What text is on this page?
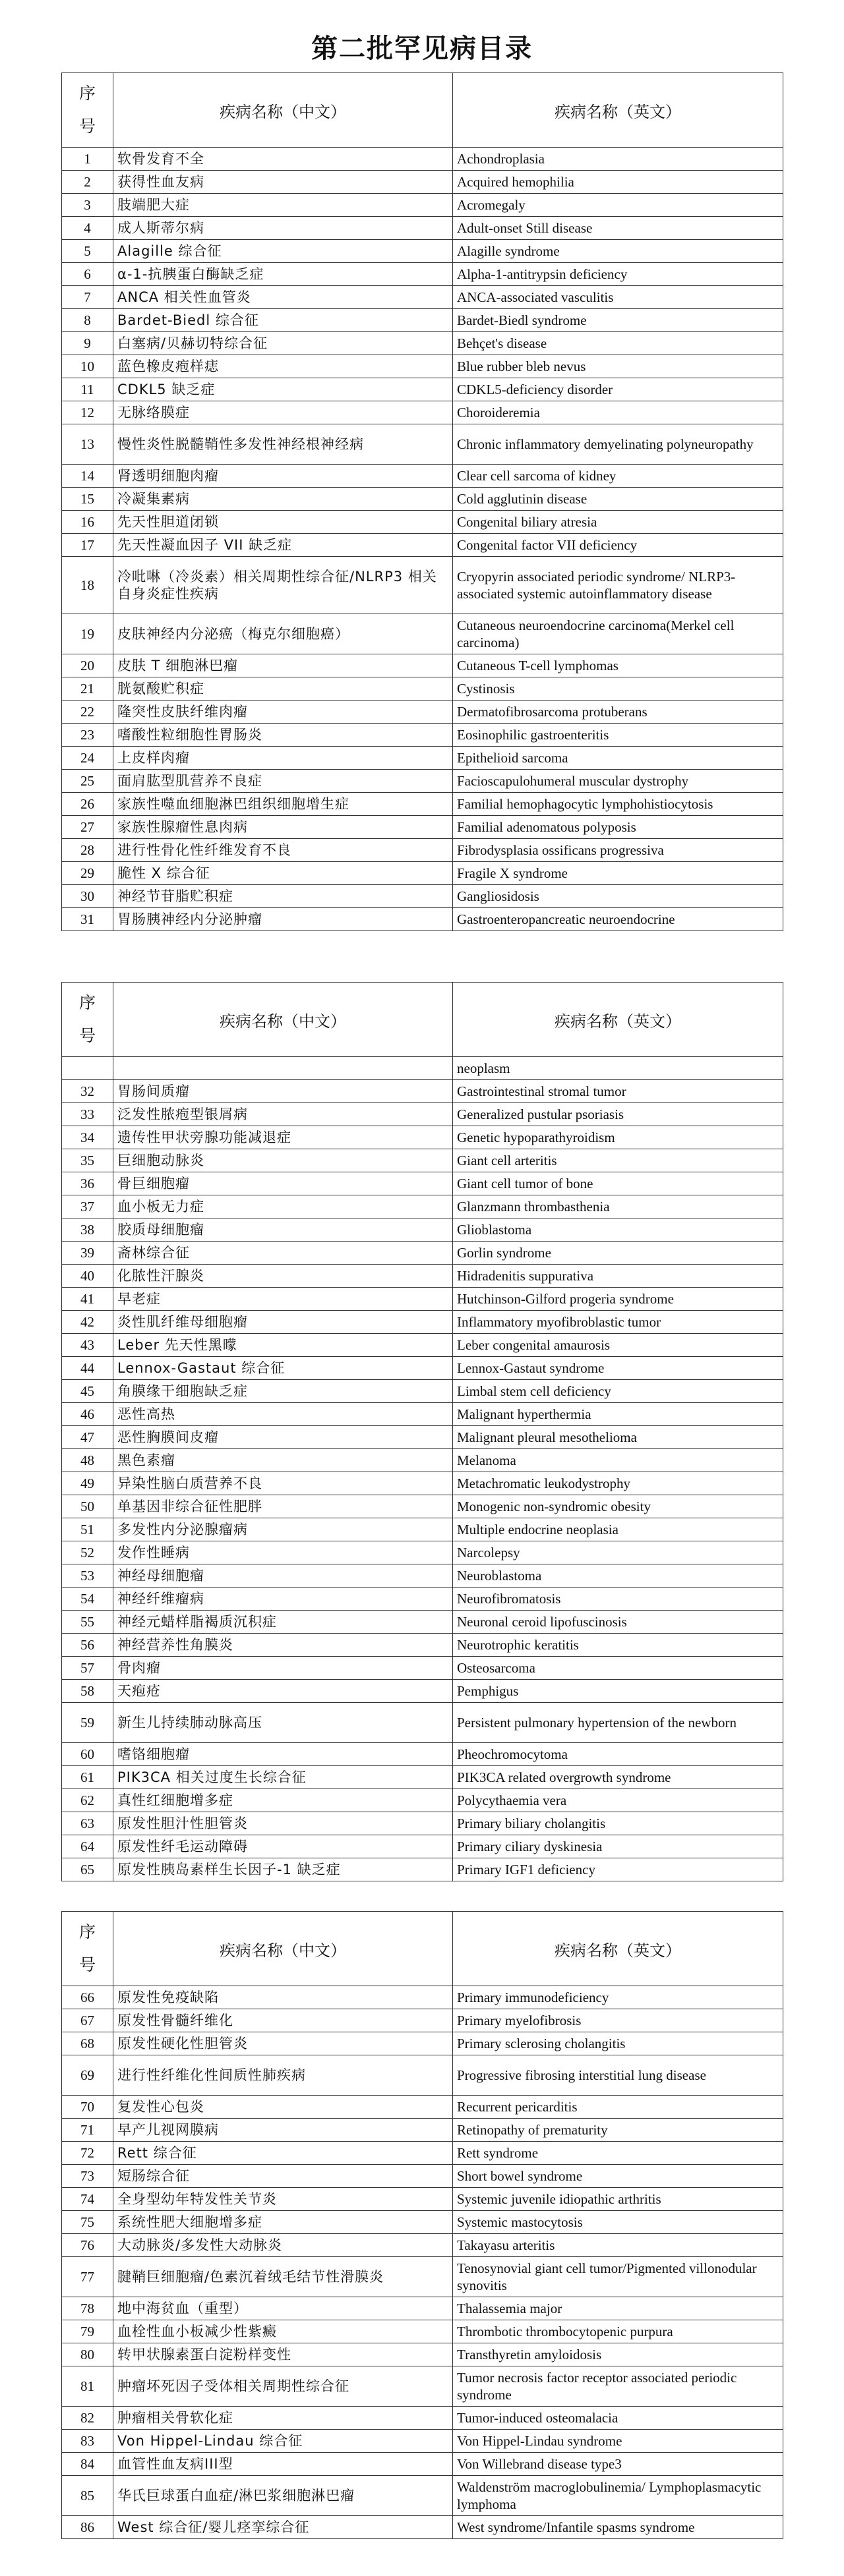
第二批罕见病目录
序
号	疾病名称（中文）	疾病名称（英文）
1	软骨发育不全	Achondroplasia
2	获得性血友病	Acquired hemophilia
3	肢端肥大症	Acromegaly
4	成人斯蒂尔病	Adult-onset Still disease
5	Alagille 综合征	Alagille syndrome
6	α-1-抗胰蛋白酶缺乏症	Alpha-1-antitrypsin deficiency
7	ANCA 相关性血管炎	ANCA-associated vasculitis
8	Bardet-Biedl 综合征	Bardet-Biedl syndrome
9	白塞病/贝赫切特综合征	Behçet's disease
10	蓝色橡皮疱样痣	Blue rubber bleb nevus
11	CDKL5 缺乏症	CDKL5-deficiency disorder
12	无脉络膜症	Choroideremia
13	慢性炎性脱髓鞘性多发性神经根神经病	Chronic inflammatory demyelinating polyneuropathy
14	肾透明细胞肉瘤	Clear cell sarcoma of kidney
15	冷凝集素病	Cold agglutinin disease
16	先天性胆道闭锁	Congenital biliary atresia
17	先天性凝血因子 VII 缺乏症	Congenital factor VII deficiency
18	冷吡啉（冷炎素）相关周期性综合征/NLRP3 相关自身炎症性疾病	Cryopyrin associated periodic syndrome/ NLRP3-associated systemic autoinflammatory disease
19	皮肤神经内分泌癌（梅克尔细胞癌）	Cutaneous neuroendocrine carcinoma(Merkel cell carcinoma)
20	皮肤 T 细胞淋巴瘤	Cutaneous T-cell lymphomas
21	胱氨酸贮积症	Cystinosis
22	隆突性皮肤纤维肉瘤	Dermatofibrosarcoma protuberans
23	嗜酸性粒细胞性胃肠炎	Eosinophilic gastroenteritis
24	上皮样肉瘤	Epithelioid sarcoma
25	面肩肱型肌营养不良症	Facioscapulohumeral muscular dystrophy
26	家族性噬血细胞淋巴组织细胞增生症	Familial hemophagocytic lymphohistiocytosis
27	家族性腺瘤性息肉病	Familial adenomatous polyposis
28	进行性骨化性纤维发育不良	Fibrodysplasia ossificans progressiva
29	脆性 X 综合征	Fragile X syndrome
30	神经节苷脂贮积症	Gangliosidosis
31	胃肠胰神经内分泌肿瘤	Gastroenteropancreatic neuroendocrine
序
号	疾病名称（中文）	疾病名称（英文）
		neoplasm
32	胃肠间质瘤	Gastrointestinal stromal tumor
33	泛发性脓疱型银屑病	Generalized pustular psoriasis
34	遗传性甲状旁腺功能减退症	Genetic hypoparathyroidism
35	巨细胞动脉炎	Giant cell arteritis
36	骨巨细胞瘤	Giant cell tumor of bone
37	血小板无力症	Glanzmann thrombasthenia
38	胶质母细胞瘤	Glioblastoma
39	斋林综合征	Gorlin syndrome
40	化脓性汗腺炎	Hidradenitis suppurativa
41	早老症	Hutchinson-Gilford progeria syndrome
42	炎性肌纤维母细胞瘤	Inflammatory myofibroblastic tumor
43	Leber 先天性黑曚	Leber congenital amaurosis
44	Lennox-Gastaut 综合征	Lennox-Gastaut syndrome
45	角膜缘干细胞缺乏症	Limbal stem cell deficiency
46	恶性高热	Malignant hyperthermia
47	恶性胸膜间皮瘤	Malignant pleural mesothelioma
48	黑色素瘤	Melanoma
49	异染性脑白质营养不良	Metachromatic leukodystrophy
50	单基因非综合征性肥胖	Monogenic non-syndromic obesity
51	多发性内分泌腺瘤病	Multiple endocrine neoplasia
52	发作性睡病	Narcolepsy
53	神经母细胞瘤	Neuroblastoma
54	神经纤维瘤病	Neurofibromatosis
55	神经元蜡样脂褐质沉积症	Neuronal ceroid lipofuscinosis
56	神经营养性角膜炎	Neurotrophic keratitis
57	骨肉瘤	Osteosarcoma
58	天疱疮	Pemphigus
59	新生儿持续肺动脉高压	Persistent pulmonary hypertension of the newborn
60	嗜铬细胞瘤	Pheochromocytoma
61	PIK3CA 相关过度生长综合征	PIK3CA related overgrowth syndrome
62	真性红细胞增多症	Polycythaemia vera
63	原发性胆汁性胆管炎	Primary biliary cholangitis
64	原发性纤毛运动障碍	Primary ciliary dyskinesia
65	原发性胰岛素样生长因子-1 缺乏症	Primary IGF1 deficiency
序
号	疾病名称（中文）	疾病名称（英文）
66	原发性免疫缺陷	Primary immunodeficiency
67	原发性骨髓纤维化	Primary myelofibrosis
68	原发性硬化性胆管炎	Primary sclerosing cholangitis
69	进行性纤维化性间质性肺疾病	Progressive fibrosing interstitial lung disease
70	复发性心包炎	Recurrent pericarditis
71	早产儿视网膜病	Retinopathy of prematurity
72	Rett 综合征	Rett syndrome
73	短肠综合征	Short bowel syndrome
74	全身型幼年特发性关节炎	Systemic juvenile idiopathic arthritis
75	系统性肥大细胞增多症	Systemic mastocytosis
76	大动脉炎/多发性大动脉炎	Takayasu arteritis
77	腱鞘巨细胞瘤/色素沉着绒毛结节性滑膜炎	Tenosynovial giant cell tumor/Pigmented villonodular synovitis
78	地中海贫血（重型）	Thalassemia major
79	血栓性血小板减少性紫癜	Thrombotic thrombocytopenic purpura
80	转甲状腺素蛋白淀粉样变性	Transthyretin amyloidosis
81	肿瘤坏死因子受体相关周期性综合征	Tumor necrosis factor receptor associated periodic syndrome
82	肿瘤相关骨软化症	Tumor-induced osteomalacia
83	Von Hippel-Lindau 综合征	Von Hippel-Lindau syndrome
84	血管性血友病III型	Von Willebrand disease type3
85	华氏巨球蛋白血症/淋巴浆细胞淋巴瘤	Waldenström macroglobulinemia/ Lymphoplasmacytic lymphoma
86	West 综合征/婴儿痉挛综合征	West syndrome/Infantile spasms syndrome
